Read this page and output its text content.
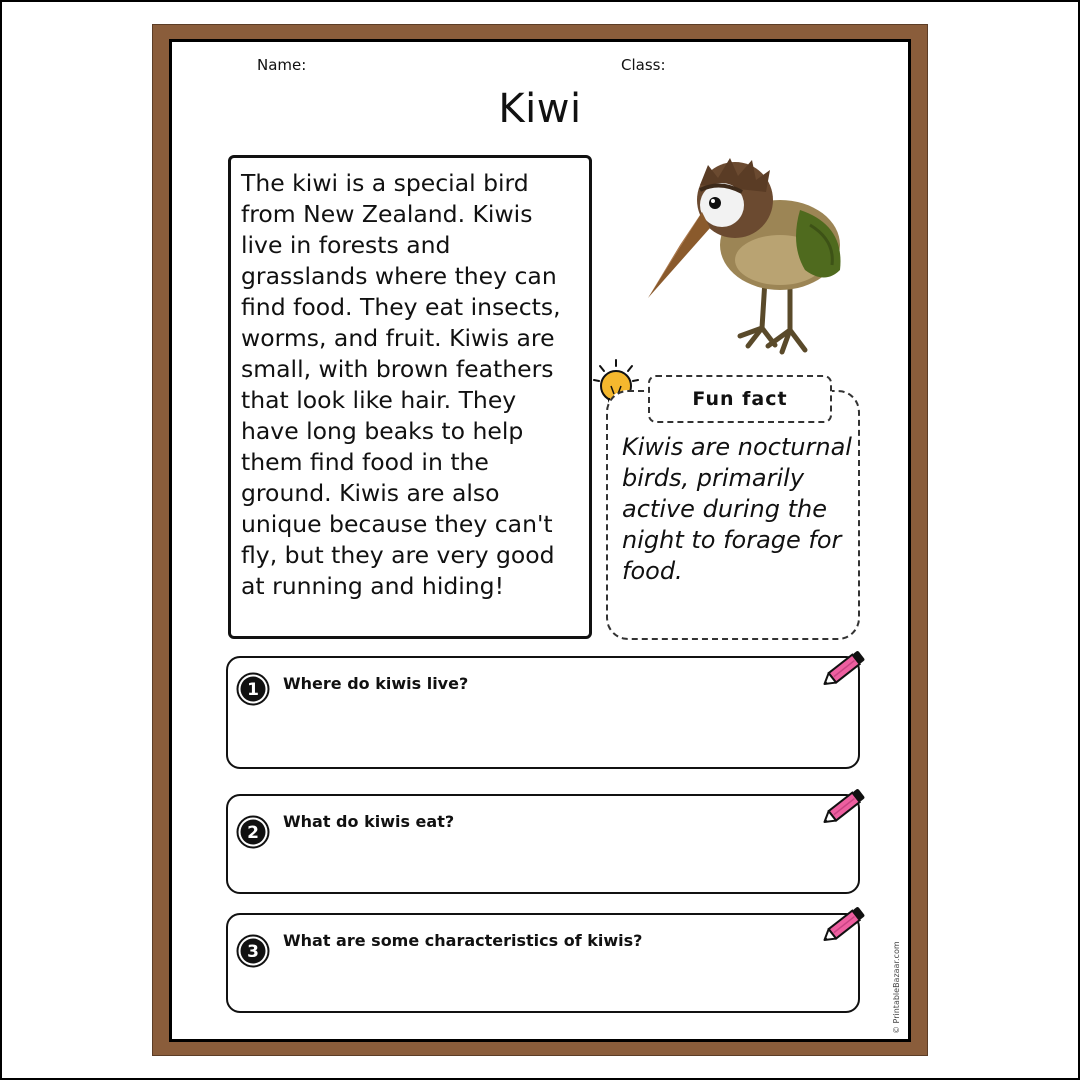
Name:	Class:
Kiwi

The kiwi is a special bird from New Zealand. Kiwis live in forests and grasslands where they can find food. They eat insects, worms, and fruit. Kiwis are small, with brown feathers that look like hair. They have long beaks to help them find food in the ground. Kiwis are also unique because they can't fly, but they are very good at running and hiding!

Fun fact

Kiwis are nocturnal birds, primarily active during the night to forage for food.

1 Where do kiwis live?
2
What do kiwis eat?
3
What are some characteristics of kiwis?
© PrintableBazaar.com
